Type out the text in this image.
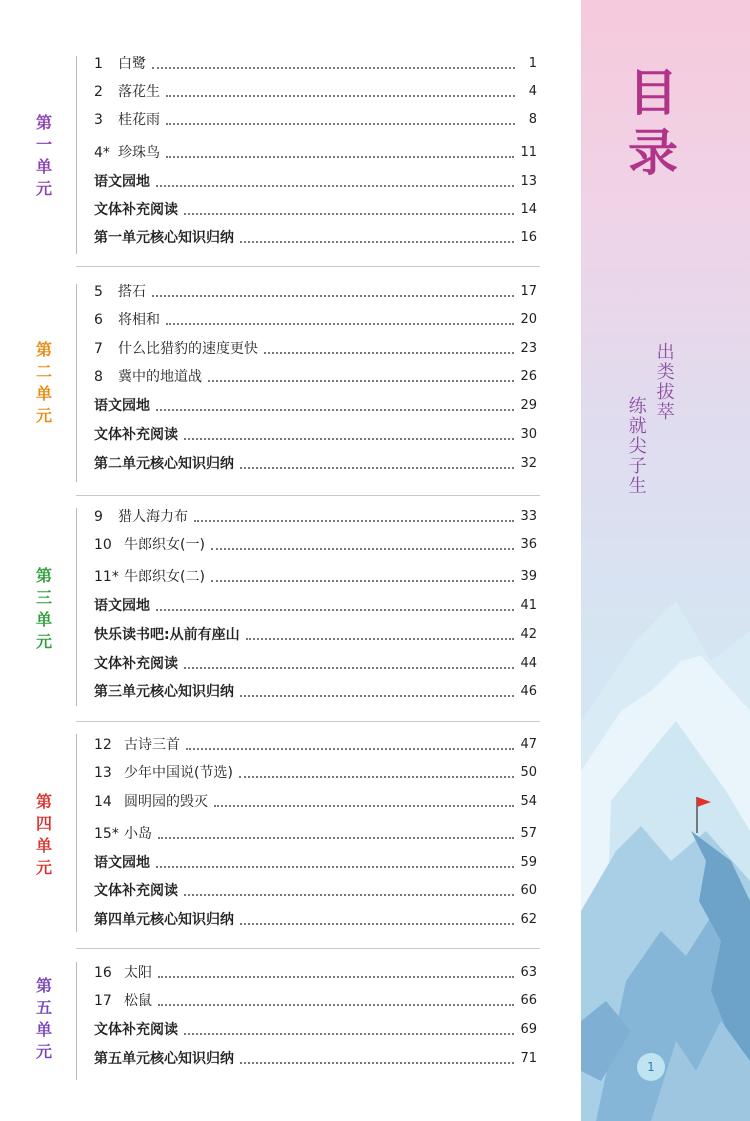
目
录
出类拔萃
练就尖子生
1
第一单元
第二单元
第三单元
第四单元
第五单元
1	白鹭	1
2	落花生	4
3	桂花雨	8
4* 珍珠鸟	11
语文园地	13
文体补充阅读	14
第一单元核心知识归纳	16
5	搭石	17
6	将相和	20
7	什么比猎豹的速度更快	23
8	冀中的地道战	26
语文园地	29
文体补充阅读	30
第二单元核心知识归纳	32
9	猎人海力布	33
10 牛郎织女(一)	36
11* 牛郎织女(二)	39
语文园地	41
快乐读书吧:从前有座山	42
文体补充阅读	44
第三单元核心知识归纳	46
12 古诗三首	47
13 少年中国说(节选)	50
14 圆明园的毁灭	54
15* 小岛	57
语文园地	59
文体补充阅读	60
第四单元核心知识归纳	62
16 太阳	63
17 松鼠	66
文体补充阅读	69
第五单元核心知识归纳	71
